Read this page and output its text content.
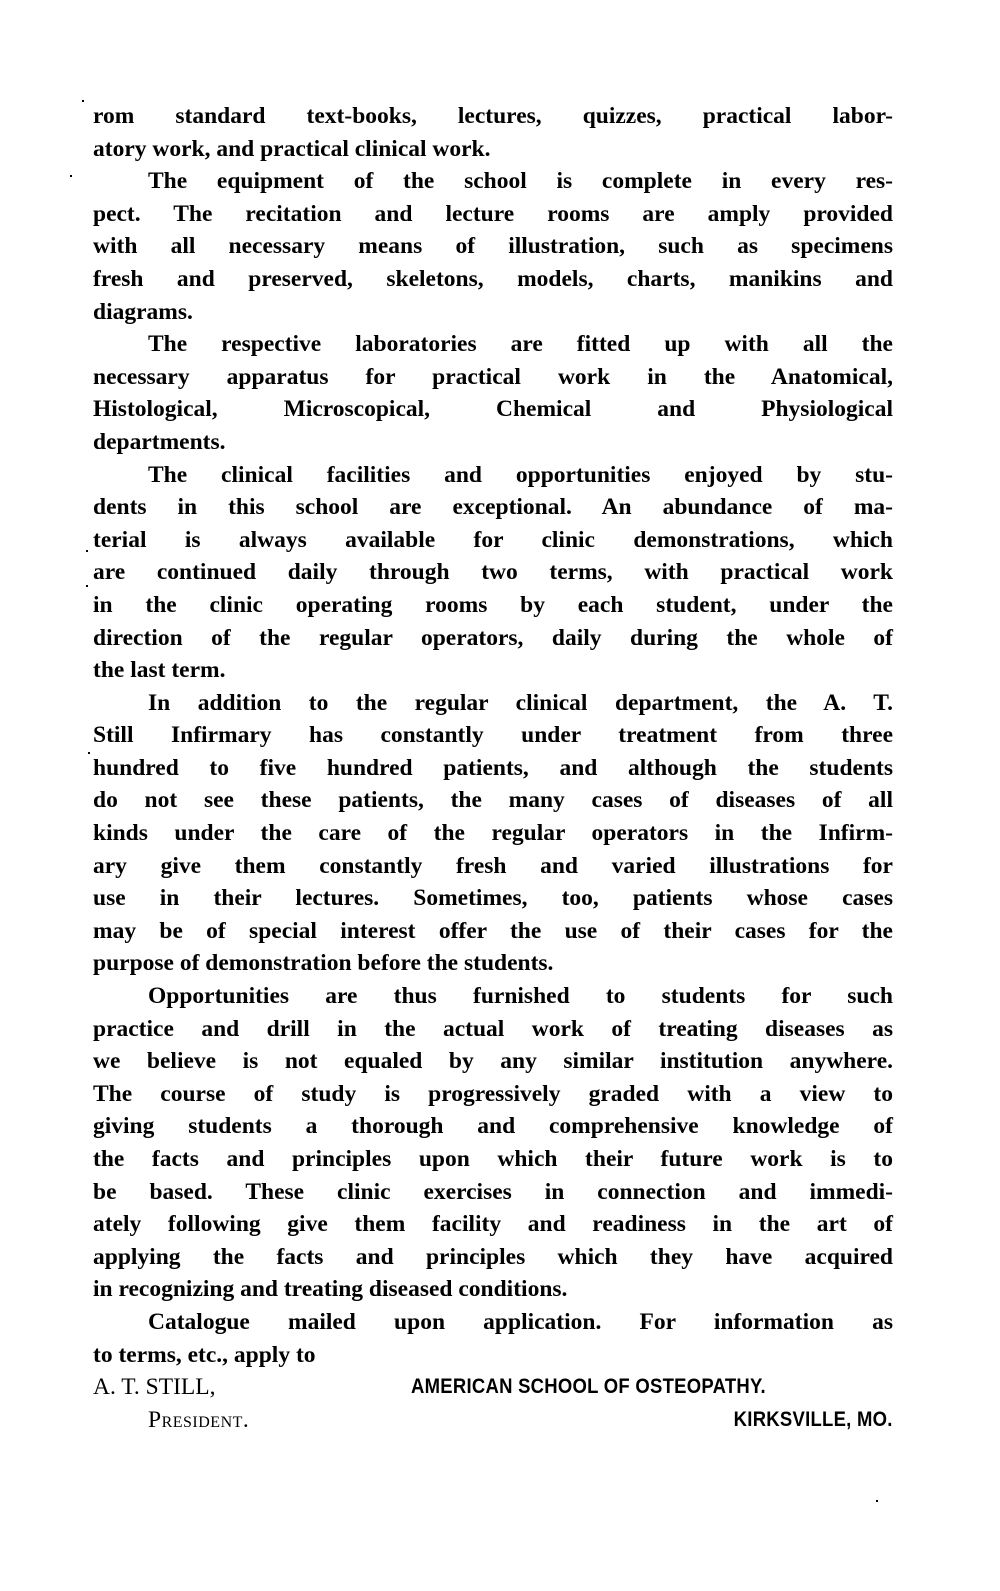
rom standard text-books, lectures, quizzes, practical labor-
atory work, and practical clinical work.
The equipment of the school is complete in every res-
pect. The recitation and lecture rooms are amply provided
with all necessary means of illustration, such as specimens
fresh and preserved, skeletons, models, charts, manikins and
diagrams.
The respective laboratories are fitted up with all the
necessary apparatus for practical work in the Anatomical,
Histological, Microscopical, Chemical and Physiological
departments.
The clinical facilities and opportunities enjoyed by stu-
dents in this school are exceptional. An abundance of ma-
terial is always available for clinic demonstrations, which
are continued daily through two terms, with practical work
in the clinic operating rooms by each student, under the
direction of the regular operators, daily during the whole of
the last term.
In addition to the regular clinical department, the A. T.
Still Infirmary has constantly under treatment from three
hundred to five hundred patients, and although the students
do not see these patients, the many cases of diseases of all
kinds under the care of the regular operators in the Infirm-
ary give them constantly fresh and varied illustrations for
use in their lectures. Sometimes, too, patients whose cases
may be of special interest offer the use of their cases for the
purpose of demonstration before the students.
Opportunities are thus furnished to students for such
practice and drill in the actual work of treating diseases as
we believe is not equaled by any similar institution anywhere.
The course of study is progressively graded with a view to
giving students a thorough and comprehensive knowledge of
the facts and principles upon which their future work is to
be based. These clinic exercises in connection and immedi-
ately following give them facility and readiness in the art of
applying the facts and principles which they have acquired
in recognizing and treating diseased conditions.
Catalogue mailed upon application. For information as
to terms, etc., apply to
A. T. STILL,
President.
AMERICAN SCHOOL OF OSTEOPATHY.
KIRKSVILLE, MO.
